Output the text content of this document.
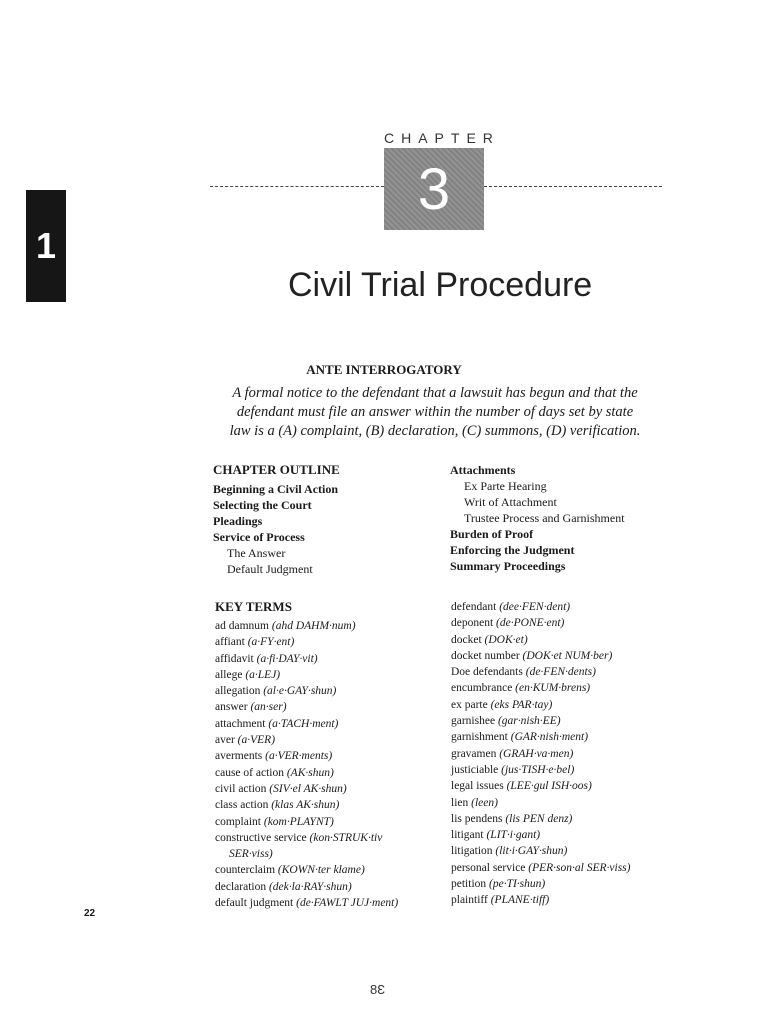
1
CHAPTER
3
Civil Trial Procedure
ANTE INTERROGATORY
A formal notice to the defendant that a lawsuit has begun and that the defendant must file an answer within the number of days set by state law is a (A) complaint, (B) declaration, (C) summons, (D) verification.
CHAPTER OUTLINE
Beginning a Civil Action
Selecting the Court
Pleadings
Service of Process
The Answer
Default Judgment
Attachments
Ex Parte Hearing
Writ of Attachment
Trustee Process and Garnishment
Burden of Proof
Enforcing the Judgment
Summary Proceedings
KEY TERMS
ad damnum (ahd DAHM·num)
affiant (a·FY·ent)
affidavit (a·fi·DAY·vit)
allege (a·LEJ)
allegation (al·e·GAY·shun)
answer (an·ser)
attachment (a·TACH·ment)
aver (a·VER)
averments (a·VER·ments)
cause of action (AK·shun)
civil action (SIV·el AK·shun)
class action (klas AK·shun)
complaint (kom·PLAYNT)
constructive service (kon·STRUK·tiv
SER·viss)
counterclaim (KOWN·ter klame)
declaration (dek·la·RAY·shun)
default judgment (de·FAWLT JUJ·ment)
defendant (dee·FEN·dent)
deponent (de·PONE·ent)
docket (DOK·et)
docket number (DOK·et NUM·ber)
Doe defendants (de·FEN·dents)
encumbrance (en·KUM·brens)
ex parte (eks PAR·tay)
garnishee (gar·nish·EE)
garnishment (GAR·nish·ment)
gravamen (GRAH·va·men)
justiciable (jus·TISH·e·bel)
legal issues (LEE·gul ISH·oos)
lien (leen)
lis pendens (lis PEN denz)
litigant (LIT·i·gant)
litigation (lit·i·GAY·shun)
personal service (PER·son·al SER·viss)
petition (pe·TI·shun)
plaintiff (PLANE·tiff)
22
8Ɛ
